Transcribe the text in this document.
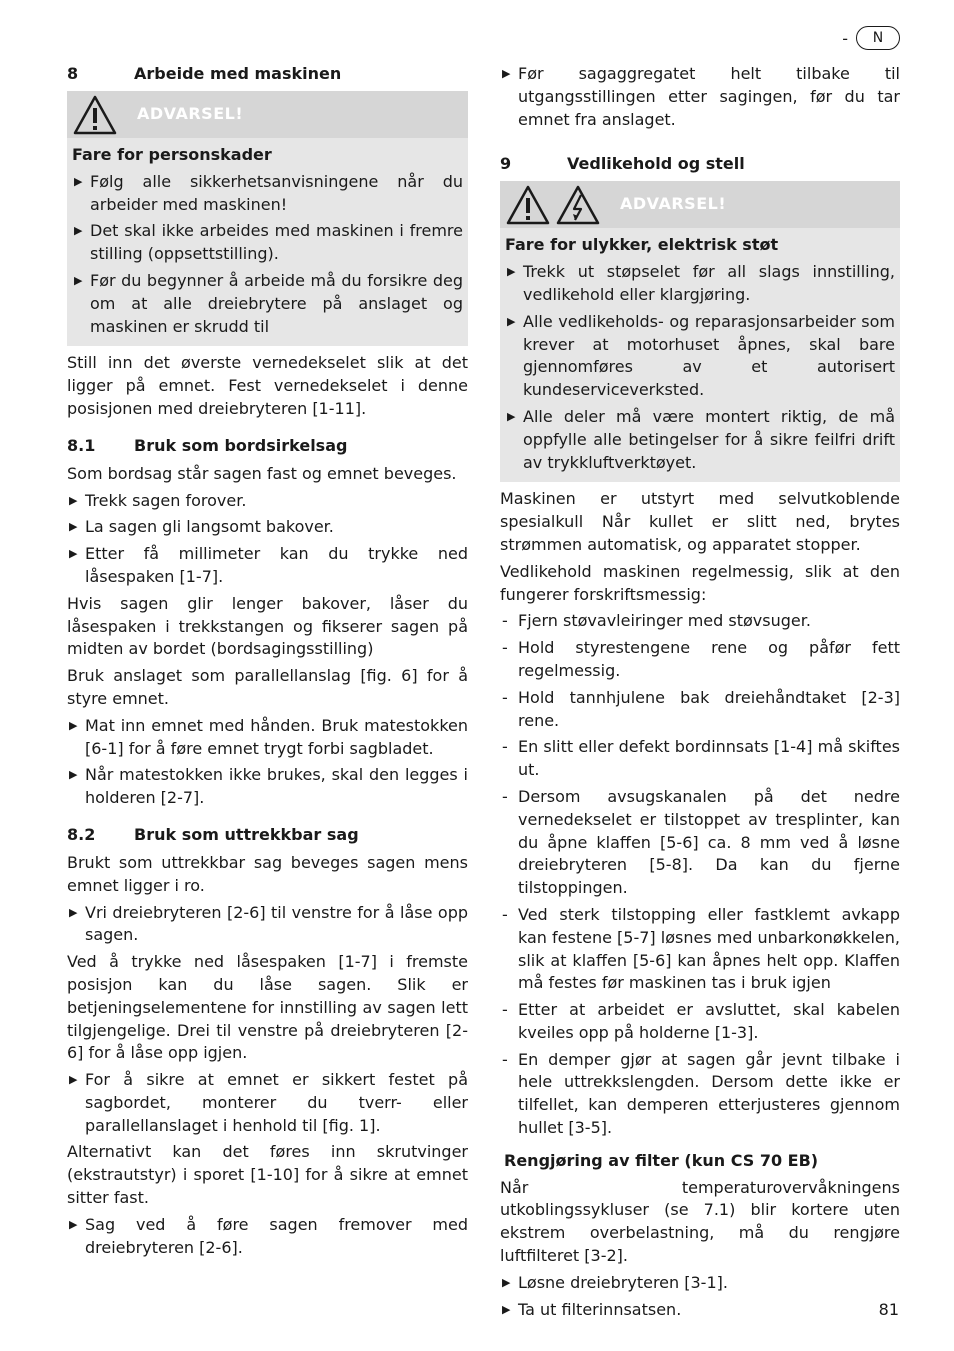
-	N
8	Arbeide med maskinen
ADVARSEL!
Fare for personskader
▶ Følg alle sikkerhetsanvisningene når du arbeider med maskinen!
▶ Det skal ikke arbeides med maskinen i fremre stilling (oppsettstilling).
▶ Før du begynner å arbeide må du forsikre deg om at alle dreiebrytere på anslaget og maskinen er skrudd til

Still inn det øverste vernedekselet slik at det ligger på emnet. Fest vernedekselet i denne posisjonen med dreiebryteren [1-11].

8.1	Bruk som bordsirkelsag

Som bordsag står sagen fast og emnet beveges.

▶ Trekk sagen forover.
▶ La sagen gli langsomt bakover.
▶ Etter få millimeter kan du trykke ned låsespaken [1-7].

Hvis sagen glir lenger bakover, låser du låsespaken i trekkstangen og fikserer sagen på midten av bordet (bordsagingsstilling)

Bruk anslaget som parallellanslag [fig. 6] for å styre emnet.

▶ Mat inn emnet med hånden. Bruk matestokken [6-1] for å føre emnet trygt forbi sagbladet.
▶ Når matestokken ikke brukes, skal den legges i holderen [2-7].
8.2	Bruk som uttrekkbar sag

Brukt som uttrekkbar sag beveges sagen mens emnet ligger i ro.

▶ Vri dreiebryteren [2-6] til venstre for å låse opp sagen.

Ved å trykke ned låsespaken [1-7] i fremste posisjon kan du låse sagen. Slik er betjeningselementene for innstilling av sagen lett tilgjengelige. Drei til venstre på dreiebryteren [2-6] for å låse opp igjen.

▶ For å sikre at emnet er sikkert festet på sagbordet, monterer du tverr- eller parallellanslaget i henhold til [fig. 1].

Alternativt kan det føres inn skrutvinger (ekstrautstyr) i sporet [1-10] for å sikre at emnet sitter fast.

▶ Sag ved å føre sagen fremover med dreiebryteren [2-6].
▶ Før sagaggregatet helt tilbake til utgangsstillingen etter sagingen, før du tar emnet fra anslaget.
9	Vedlikehold og stell
ADVARSEL!
Fare for ulykker, elektrisk støt
▶ Trekk ut støpselet før all slags innstilling, vedlikehold eller klargjøring.
▶ Alle vedlikeholds- og reparasjonsarbeider som krever at motorhuset åpnes, skal bare gjennomføres av et autorisert kundeserviceverksted.
▶ Alle deler må være montert riktig, de må oppfylle alle betingelser for å sikre feilfri drift av trykkluftverktøyet.

Maskinen er utstyrt med selvutkoblende spesialkull Når kullet er slitt ned, brytes strømmen automatisk, og apparatet stopper.

Vedlikehold maskinen regelmessig, slik at den fungerer forskriftsmessig:

- Fjern støvavleiringer med støvsuger.
- Hold styrestengene rene og påfør fett regelmessig.
- Hold tannhjulene bak dreiehåndtaket [2-3] rene.
- En slitt eller defekt bordinnsats [1-4] må skiftes ut.
- Dersom avsugskanalen på det nedre vernedekselet er tilstoppet av tresplinter, kan du åpne klaffen [5-6] ca. 8 mm ved å løsne dreiebryteren [5-8]. Da kan du fjerne tilstoppingen.
- Ved sterk tilstopping eller fastklemt avkapp kan festene [5-7] løsnes med unbarkonøkkelen, slik at klaffen [5-6] kan åpnes helt opp. Klaffen må festes før maskinen tas i bruk igjen
- Etter at arbeidet er avsluttet, skal kabelen kveiles opp på holderne [1-3].
- En demper gjør at sagen går jevnt tilbake i hele uttrekkslengden. Dersom dette ikke er tilfellet, kan demperen etterjusteres gjennom hullet [3-5].
Rengjøring av filter (kun CS 70 EB)

Når temperaturovervåkningens utkoblingssykluser (se 7.1) blir kortere uten ekstrem overbelastning, må du rengjøre luftfilteret [3-2].

▶ Løsne dreiebryteren [3-1].
▶ Ta ut filterinnsatsen.	81
